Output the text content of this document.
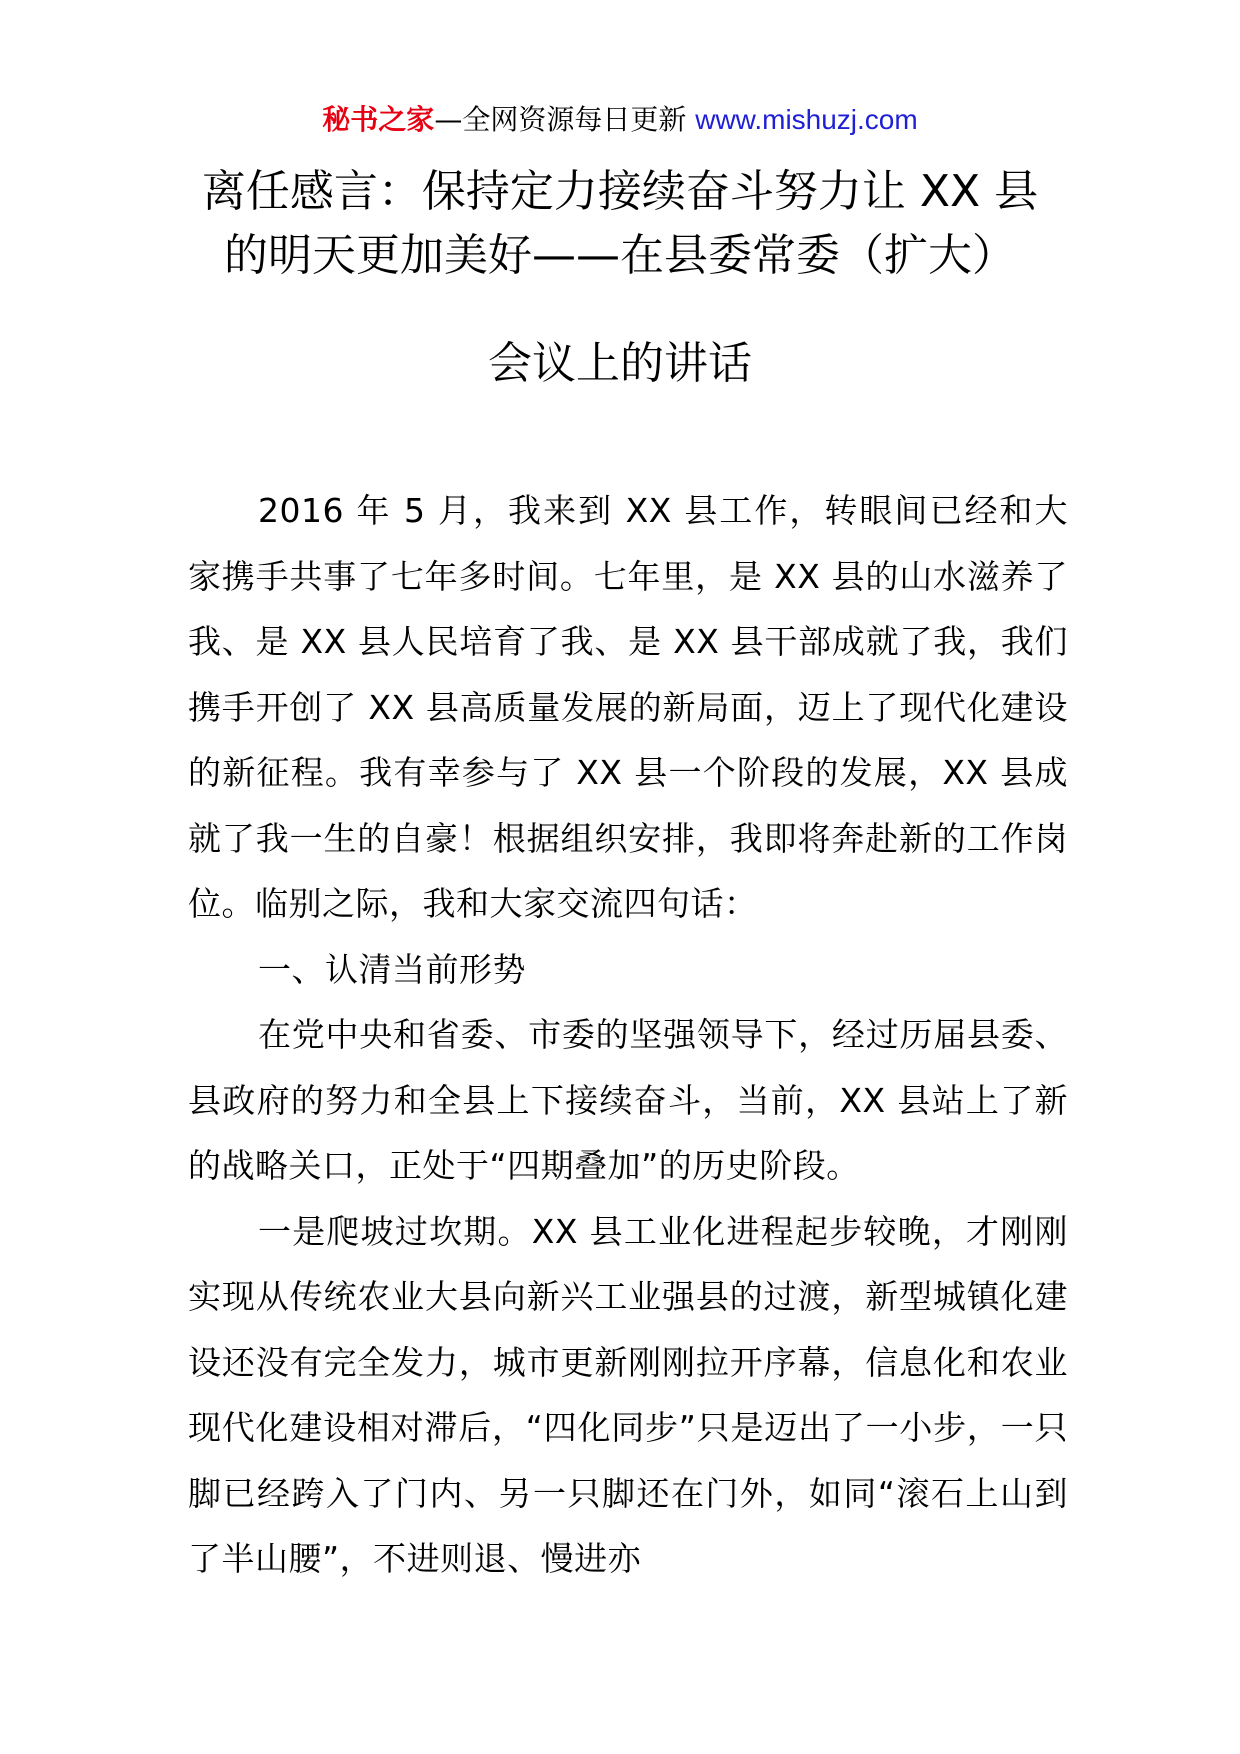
秘书之家—全网资源每日更新 www.mishuzj.com
离任感言：保持定力接续奋斗努力让 XX 县
的明天更加美好——在县委常委（扩大）
会议上的讲话

2016 年 5 月，我来到 XX 县工作，转眼间已经和大家携手共事了七年多时间。七年里，是 XX 县的山水滋养了我、是 XX 县人民培育了我、是 XX 县干部成就了我，我们携手开创了 XX 县高质量发展的新局面，迈上了现代化建设的新征程。我有幸参与了 XX 县一个阶段的发展，XX 县成就了我一生的自豪！根据组织安排，我即将奔赴新的工作岗位。临别之际，我和大家交流四句话：

一、认清当前形势

在党中央和省委、市委的坚强领导下，经过历届县委、县政府的努力和全县上下接续奋斗，当前，XX 县站上了新的战略关口，正处于“四期叠加”的历史阶段。

一是爬坡过坎期。XX 县工业化进程起步较晚，才刚刚实现从传统农业大县向新兴工业强县的过渡，新型城镇化建设还没有完全发力，城市更新刚刚拉开序幕，信息化和农业现代化建设相对滞后，“四化同步”只是迈出了一小步，一只脚已经跨入了门内、另一只脚还在门外，如同“滚石上山到了半山腰”，不进则退、慢进亦
